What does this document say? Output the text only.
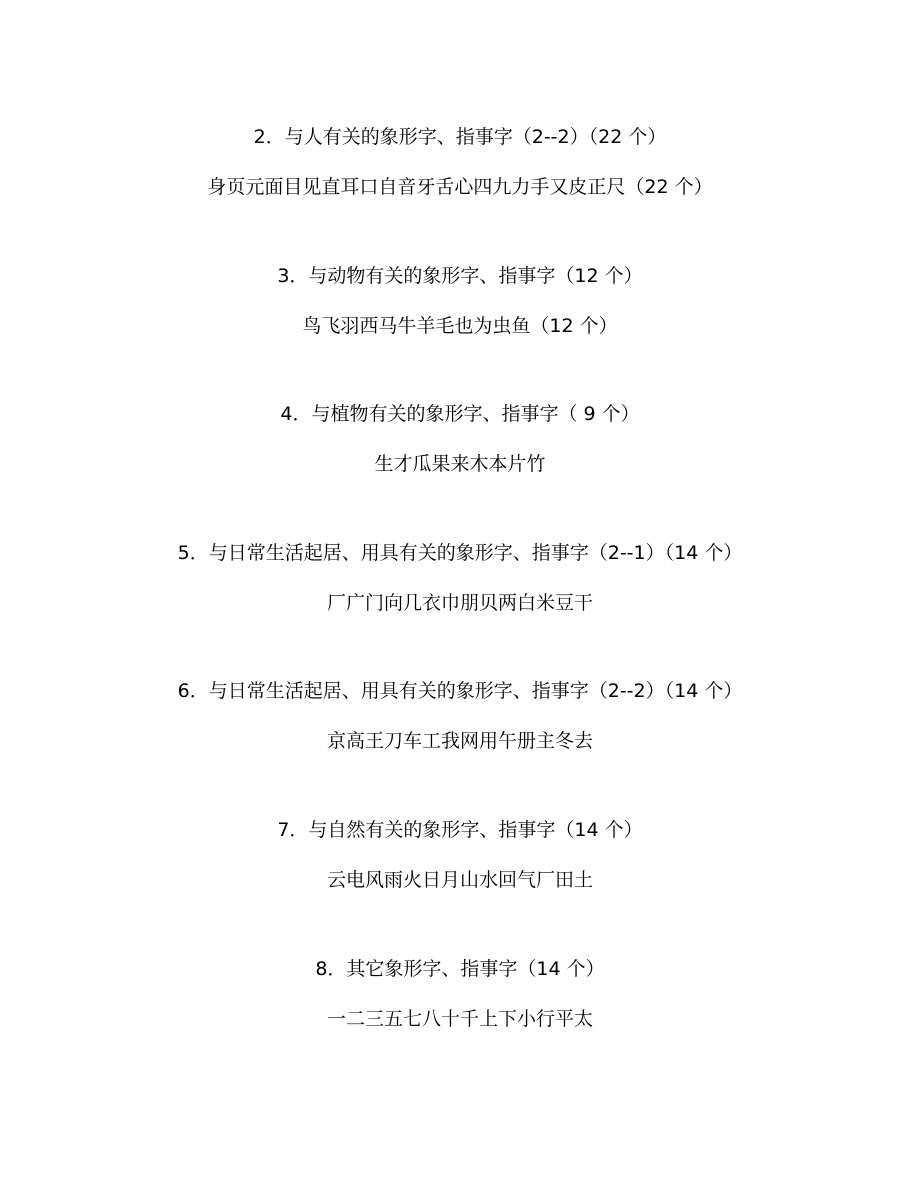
2．与人有关的象形字、指事字（2--2）（22 个）

身页元面目见直耳口自音牙舌心四九力手又皮正尺（22 个）

3．与动物有关的象形字、指事字（12 个）

鸟飞羽西马牛羊毛也为虫鱼（12 个）

4．与植物有关的象形字、指事字（ 9 个）

生才瓜果来木本片竹

5．与日常生活起居、用具有关的象形字、指事字（2--1）（14 个）

厂广门向几衣巾朋贝两白米豆干

6．与日常生活起居、用具有关的象形字、指事字（2--2）（14 个）

京高王刀车工我网用午册主冬去

7．与自然有关的象形字、指事字（14 个）

云电风雨火日月山水回气厂田土

8．其它象形字、指事字（14 个）

一二三五七八十千上下小行平太
